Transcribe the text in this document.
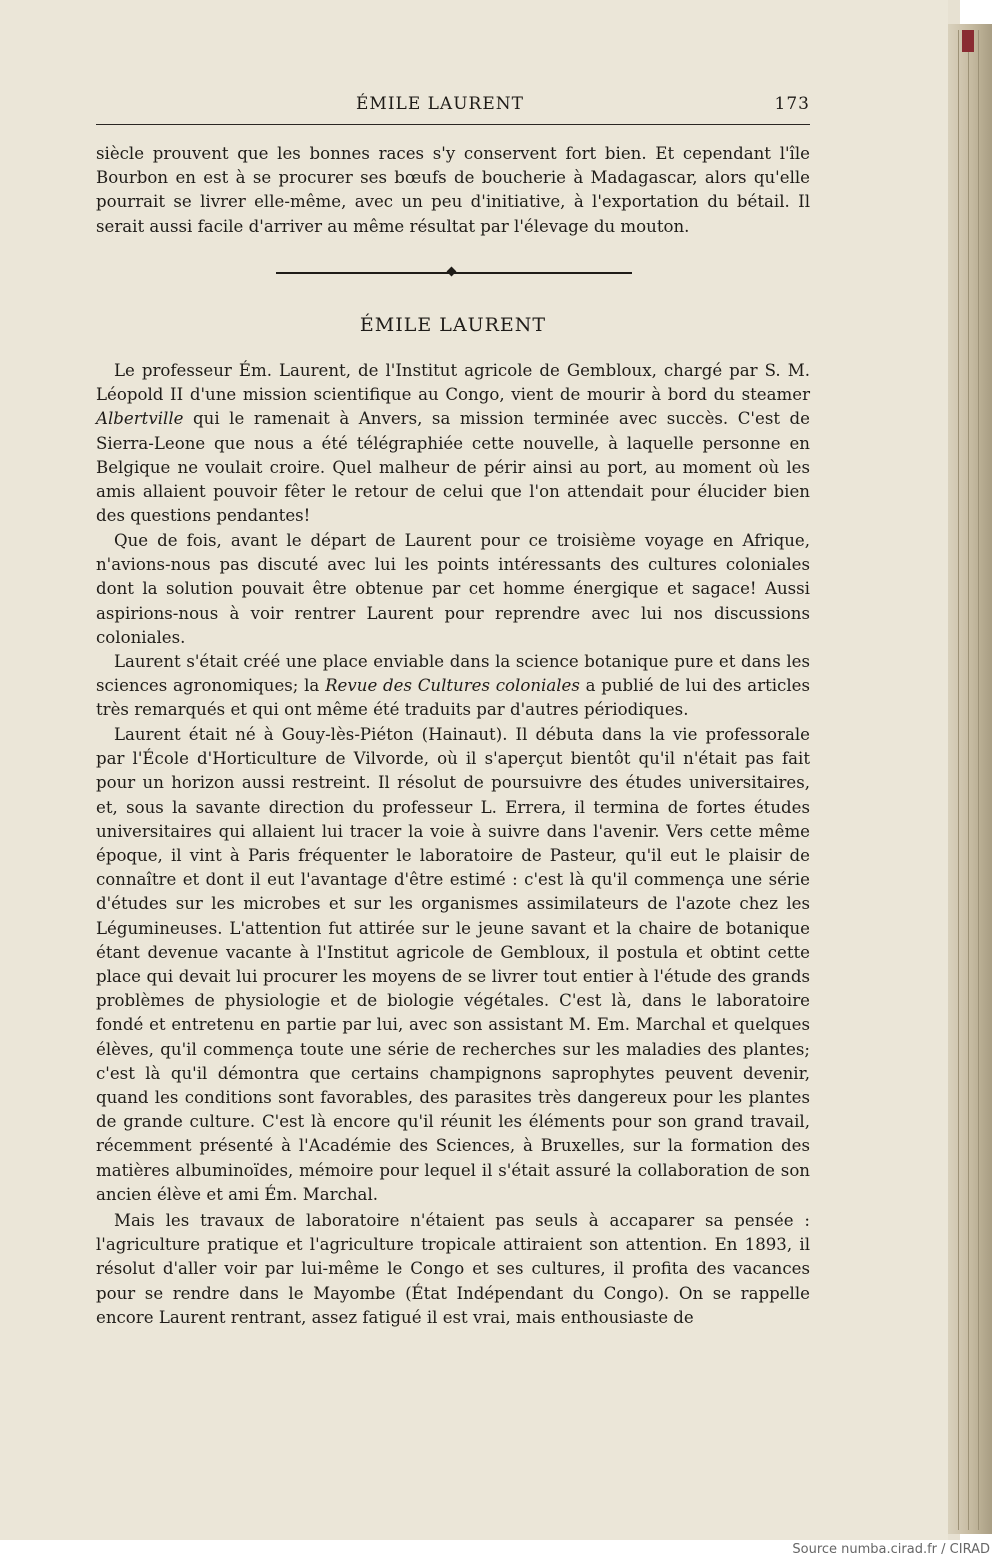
ÉMILE LAURENT	173

siècle prouvent que les bonnes races s'y conservent fort bien. Et cependant l'île Bourbon en est à se procurer ses bœufs de boucherie à Madagascar, alors qu'elle pourrait se livrer elle-même, avec un peu d'initiative, à l'exportation du bétail. Il serait aussi facile d'arriver au même résultat par l'élevage du mouton.

ÉMILE LAURENT

Le professeur Ém. Laurent, de l'Institut agricole de Gembloux, chargé par S. M. Léopold II d'une mission scientifique au Congo, vient de mourir à bord du steamer Albertville qui le ramenait à Anvers, sa mission terminée avec succès. C'est de Sierra-Leone que nous a été télégraphiée cette nouvelle, à laquelle personne en Belgique ne voulait croire. Quel malheur de périr ainsi au port, au moment où les amis allaient pouvoir fêter le retour de celui que l'on attendait pour élucider bien des questions pendantes!

Que de fois, avant le départ de Laurent pour ce troisième voyage en Afrique, n'avions-nous pas discuté avec lui les points intéressants des cultures coloniales dont la solution pouvait être obtenue par cet homme énergique et sagace! Aussi aspirions-nous à voir rentrer Laurent pour reprendre avec lui nos discussions coloniales.

Laurent s'était créé une place enviable dans la science botanique pure et dans les sciences agronomiques; la Revue des Cultures coloniales a publié de lui des articles très remarqués et qui ont même été traduits par d'autres périodiques.

Laurent était né à Gouy-lès-Piéton (Hainaut). Il débuta dans la vie professorale par l'École d'Horticulture de Vilvorde, où il s'aperçut bientôt qu'il n'était pas fait pour un horizon aussi restreint. Il résolut de poursuivre des études universitaires, et, sous la savante direction du professeur L. Errera, il termina de fortes études universitaires qui allaient lui tracer la voie à suivre dans l'avenir. Vers cette même époque, il vint à Paris fréquenter le laboratoire de Pasteur, qu'il eut le plaisir de connaître et dont il eut l'avantage d'être estimé : c'est là qu'il commença une série d'études sur les microbes et sur les organismes assimilateurs de l'azote chez les Légumineuses. L'attention fut attirée sur le jeune savant et la chaire de botanique étant devenue vacante à l'Institut agricole de Gembloux, il postula et obtint cette place qui devait lui procurer les moyens de se livrer tout entier à l'étude des grands problèmes de physiologie et de biologie végétales. C'est là, dans le laboratoire fondé et entretenu en partie par lui, avec son assistant M. Em. Marchal et quelques élèves, qu'il commença toute une série de recherches sur les maladies des plantes; c'est là qu'il démontra que certains champignons saprophytes peuvent devenir, quand les conditions sont favorables, des parasites très dangereux pour les plantes de grande culture. C'est là encore qu'il réunit les éléments pour son grand travail, récemment présenté à l'Académie des Sciences, à Bruxelles, sur la formation des matières albuminoïdes, mémoire pour lequel il s'était assuré la collaboration de son ancien élève et ami Ém. Marchal.

Mais les travaux de laboratoire n'étaient pas seuls à accaparer sa pensée : l'agriculture pratique et l'agriculture tropicale attiraient son attention. En 1893, il résolut d'aller voir par lui-même le Congo et ses cultures, il profita des vacances pour se rendre dans le Mayombe (État Indépendant du Congo). On se rappelle encore Laurent rentrant, assez fatigué il est vrai, mais enthousiaste de

Source numba.cirad.fr / CIRAD
